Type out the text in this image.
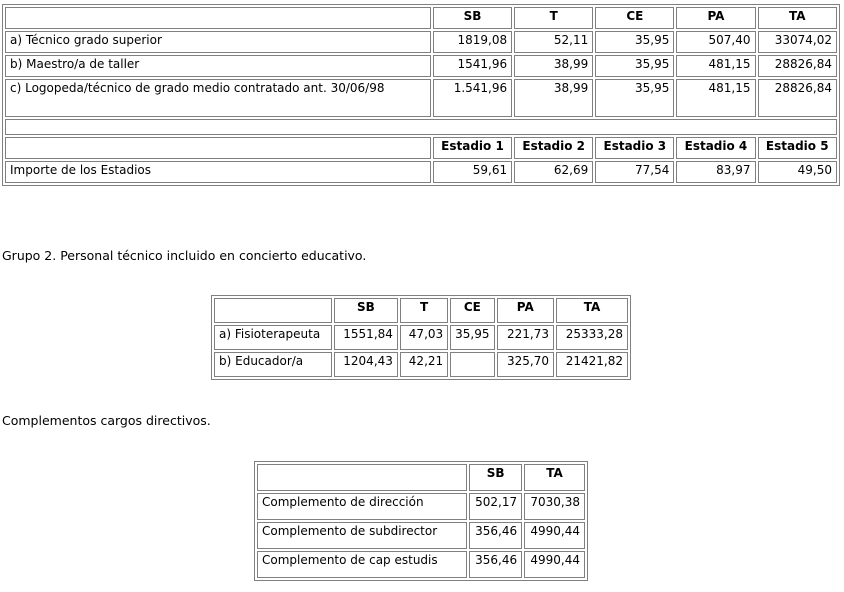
	SB	T	CE	PA	TA
a) Técnico grado superior	1819,08	52,11	35,95	507,40	33074,02
b) Maestro/a de taller	1541,96	38,99	35,95	481,15	28826,84
c) Logopeda/técnico de grado medio contratado ant. 30/06/98	1.541,96	38,99	35,95	481,15	28826,84

	Estadio 1	Estadio 2	Estadio 3	Estadio 4	Estadio 5
Importe de los Estadios	59,61	62,69	77,54	83,97	49,50

Grupo 2. Personal técnico incluido en concierto educativo.

	SB	T	CE	PA	TA
a) Fisioterapeuta	1551,84	47,03	35,95	221,73	25333,28
b) Educador/a	1204,43	42,21		325,70	21421,82

Complementos cargos directivos.

	SB	TA
Complemento de dirección	502,17	7030,38
Complemento de subdirector	356,46	4990,44
Complemento de cap estudis	356,46	4990,44
